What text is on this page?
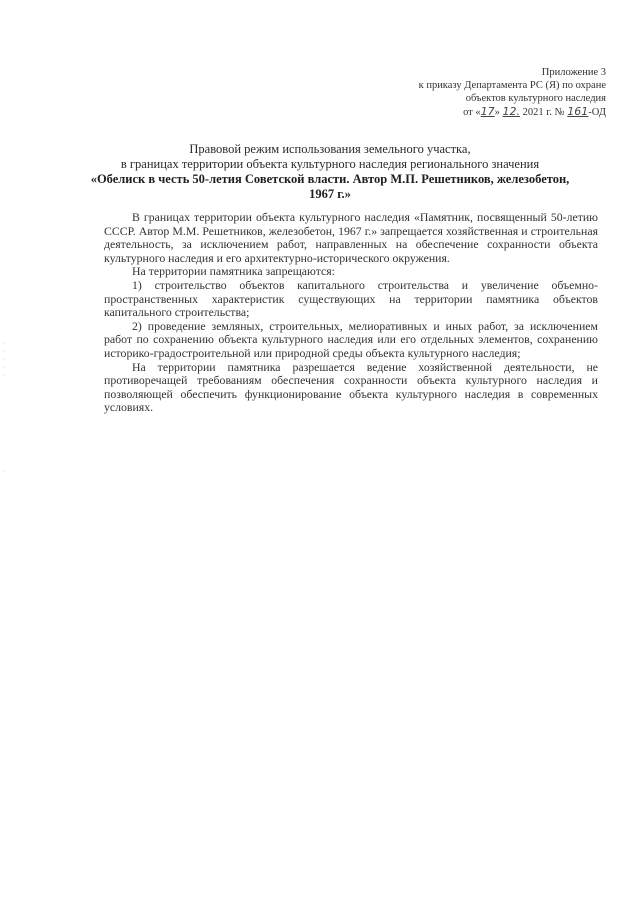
Приложение 3
к приказу Департамента РС (Я) по охране
объектов культурного наследия
от «17» 12. 2021 г. № 161-ОД
Правовой режим использования земельного участка,
в границах территории объекта культурного наследия регионального значения
«Обелиск в честь 50-летия Советской власти. Автор М.П. Решетников, железобетон, 1967 г.»

В границах территории объекта культурного наследия «Памятник, посвященный 50-летию СССР. Автор М.М. Решетников, железобетон, 1967 г.» запрещается хозяйственная и строительная деятельность, за исключением работ, направленных на обеспечение сохранности объекта культурного наследия и его архитектурно-исторического окружения.

На территории памятника запрещаются:

1) строительство объектов капитального строительства и увеличение объемно-пространственных характеристик существующих на территории памятника объектов капитального строительства;

2) проведение земляных, строительных, мелиоративных и иных работ, за исключением работ по сохранению объекта культурного наследия или его отдельных элементов, сохранению историко-градостроительной или природной среды объекта культурного наследия;

На территории памятника разрешается ведение хозяйственной деятельности, не противоречащей требованиям обеспечения сохранности объекта культурного наследия и позволяющей обеспечить функционирование объекта культурного наследия в современных условиях.

·
·
·
·
·

·
